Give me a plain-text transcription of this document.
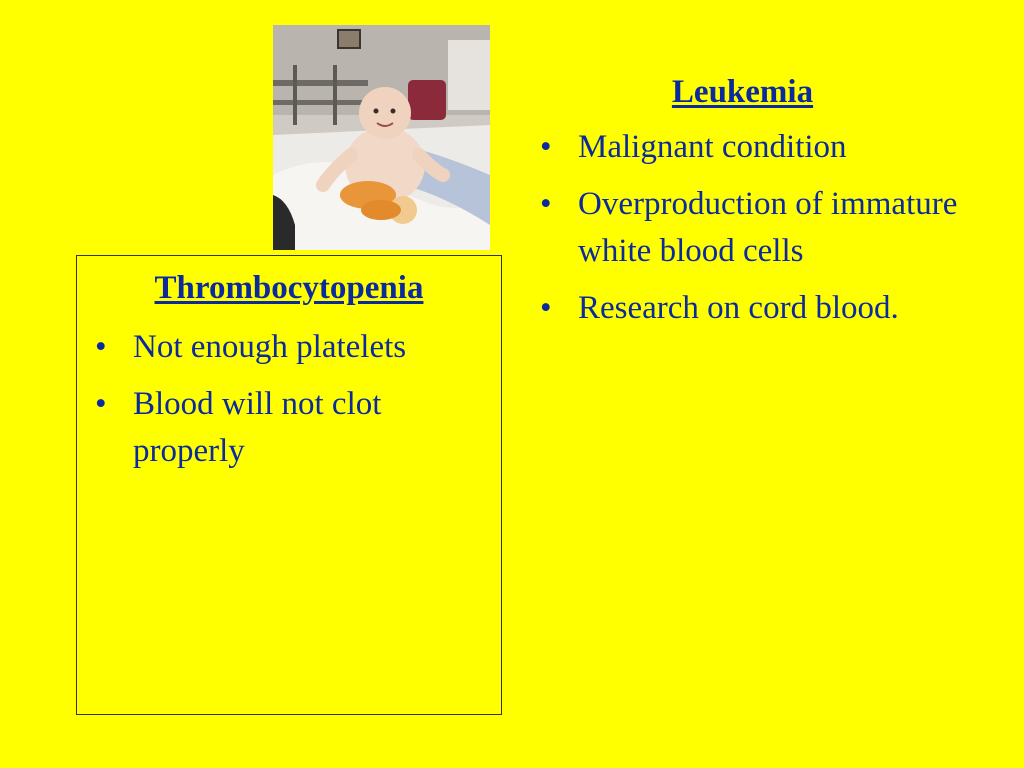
Thrombocytopenia
• Not enough platelets
• Blood will not clot properly
Leukemia
• Malignant condition
• Overproduction of immature white blood cells
• Research on cord blood.
